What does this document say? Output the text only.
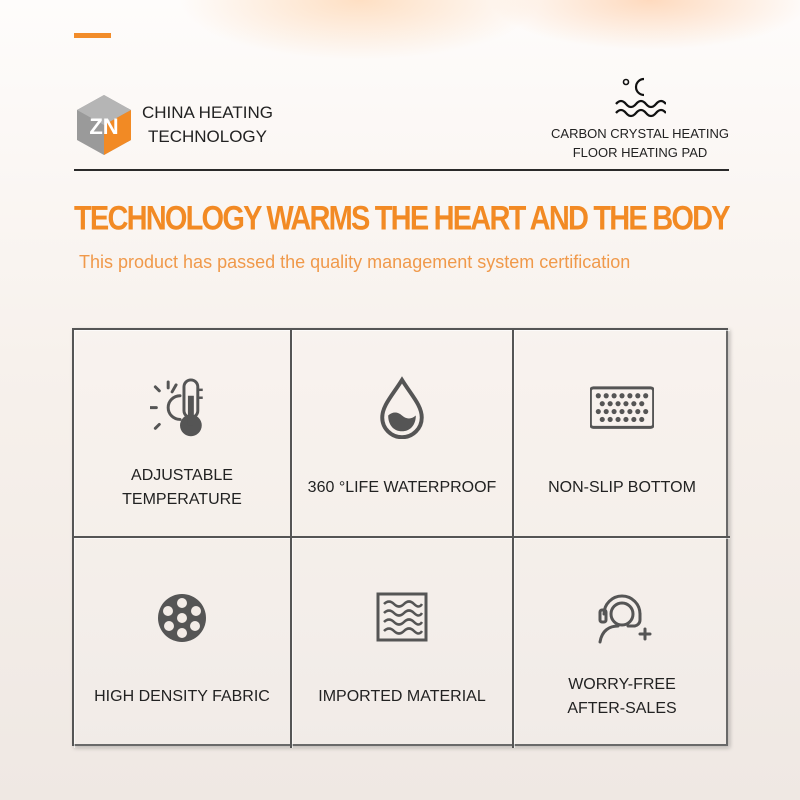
ZN
CHINA HEATING
TECHNOLOGY	CARBON CRYSTAL HEATING
FLOOR HEATING PAD
TECHNOLOGY WARMS THE HEART AND THE BODY
This product has passed the quality management system certification
ADJUSTABLE
TEMPERATURE
360 °LIFE WATERPROOF	NON-SLIP BOTTOM
HIGH DENSITY FABRIC	IMPORTED MATERIAL
WORRY-FREE
AFTER-SALES
